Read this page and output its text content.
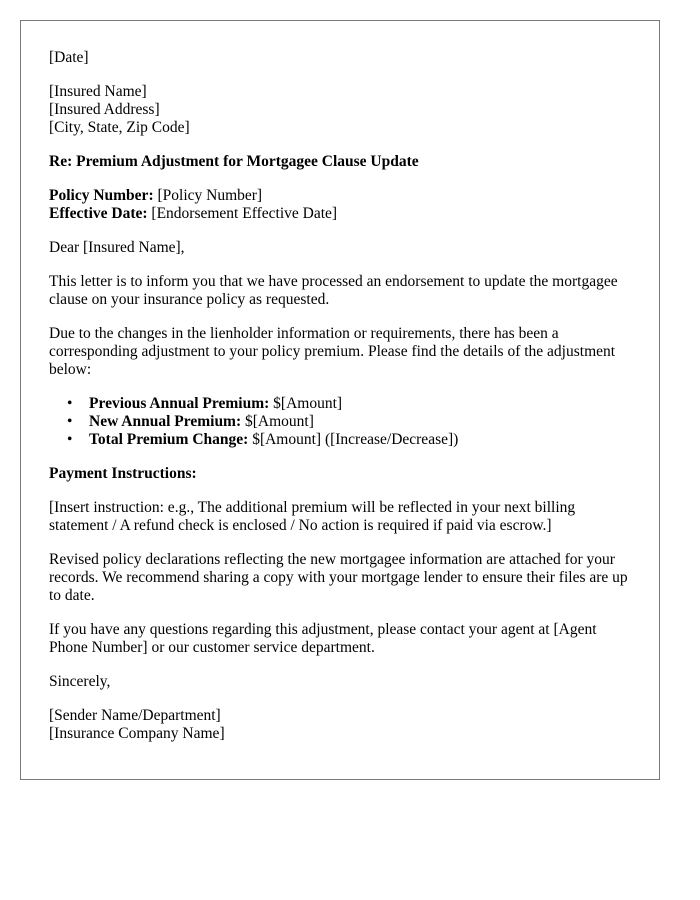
[Date]
[Insured Name]
[Insured Address]
[City, State, Zip Code]
Re: Premium Adjustment for Mortgagee Clause Update
Policy Number: [Policy Number]
Effective Date: [Endorsement Effective Date]

Dear [Insured Name],

This letter is to inform you that we have processed an endorsement to update the mortgagee clause on your insurance policy as requested.

Due to the changes in the lienholder information or requirements, there has been a corresponding adjustment to your policy premium. Please find the details of the adjustment below:

• Previous Annual Premium: $[Amount]
• New Annual Premium: $[Amount]
• Total Premium Change: $[Amount] ([Increase/Decrease])

Payment Instructions:

[Insert instruction: e.g., The additional premium will be reflected in your next billing statement / A refund check is enclosed / No action is required if paid via escrow.]

Revised policy declarations reflecting the new mortgagee information are attached for your records. We recommend sharing a copy with your mortgage lender to ensure their files are up to date.

If you have any questions regarding this adjustment, please contact your agent at [Agent Phone Number] or our customer service department.

Sincerely,

[Sender Name/Department]
[Insurance Company Name]
